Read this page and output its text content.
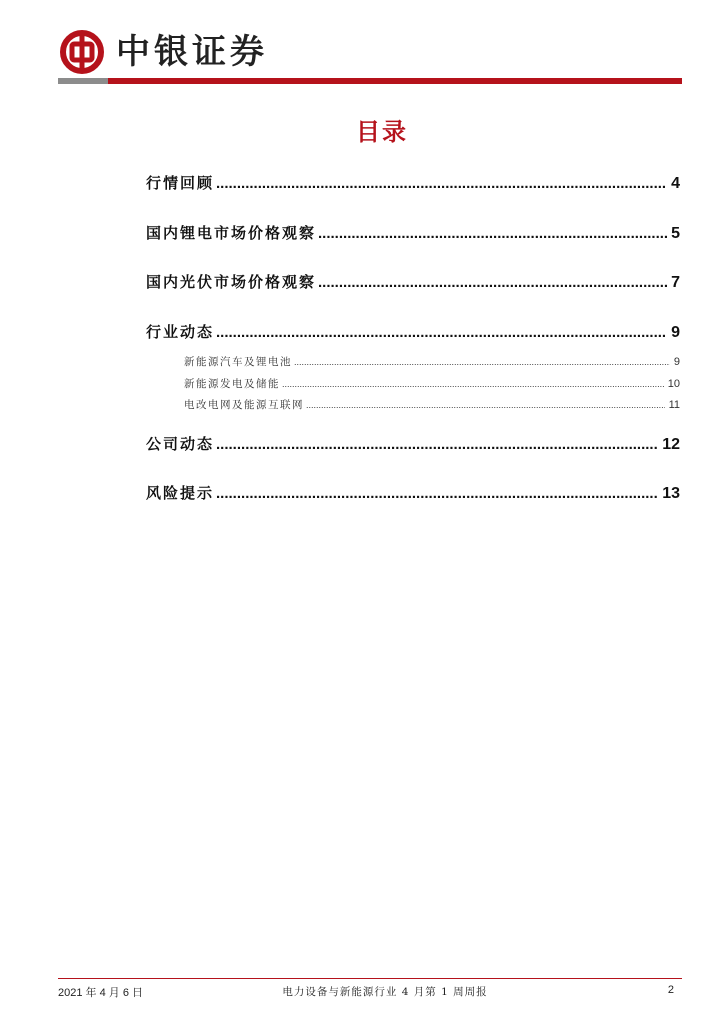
中银证券
目录
行情回顾 .....	4
国内锂电市场价格观察 .....	5
国内光伏市场价格观察 .....	7
行业动态 .....	9
新能源汽车及锂电池 .....	9
新能源发电及储能 .....	10
电改电网及能源互联网 .....	11
公司动态 .....	12
风险提示 .....	13
2021 年 4 月 6 日	电力设备与新能源行业 4 月第 1 周周报	2
